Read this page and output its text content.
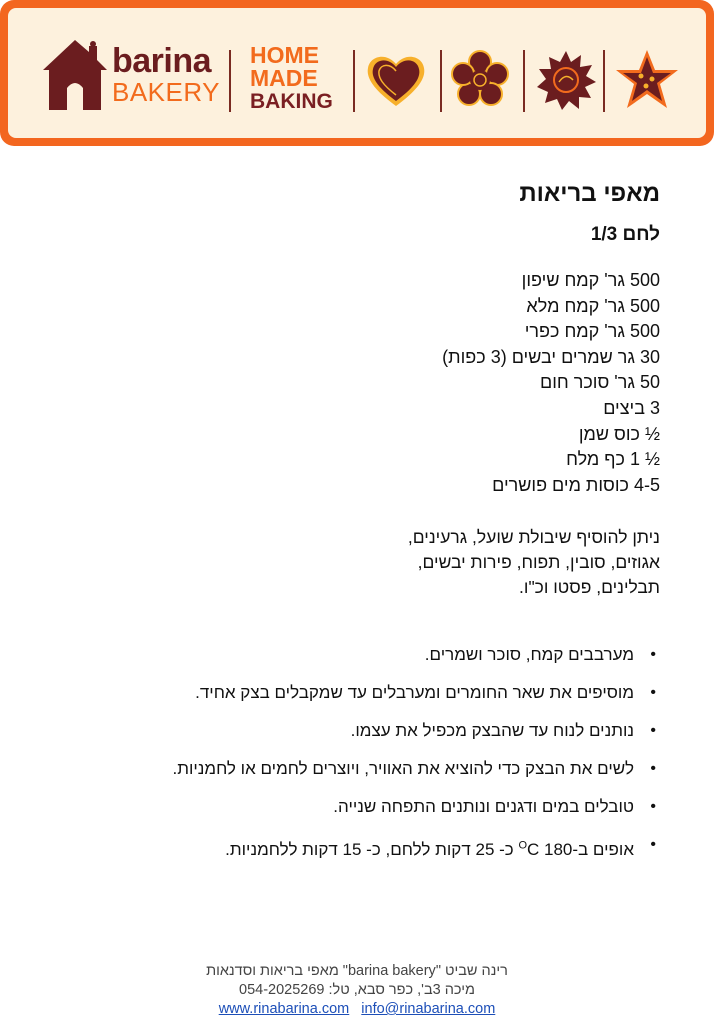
barina
BAKERY
HOME
MADE
BAKING
מאפי בריאות
לחם 1/3
500 גר' קמח שיפון
500 גר' קמח מלא
500 גר' קמח כפרי
30 גר שמרים יבשים (3 כפות)
50 גר' סוכר חום
3 ביצים
½ כוס שמן
½ 1 כף מלח
4-5 כוסות מים פושרים
ניתן להוסיף שיבולת שועל, גרעינים,
אגוזים, סובין, תפוח, פירות יבשים,
תבלינים, פסטו וכ"ו.
•
מערבבים קמח, סוכר ושמרים.
•
מוסיפים את שאר החומרים ומערבלים עד שמקבלים בצק אחיד.
•
נותנים לנוח עד שהבצק מכפיל את עצמו.
•
לשים את הבצק כדי להוציא את האוויר, ויוצרים לחמים או לחמניות.
•
טובלים במים ודגנים ונותנים התפחה שנייה.
•
אופים ב-$^O$C 180 כ- 25 דקות ללחם, כ- 15 דקות ללחמניות.
רינה שביט "barina bakery" מאפי בריאות וסדנאות
מיכה 3ב', כפר סבא, טל: 054-2025269
www.rinabarina.com info@rinabarina.com
